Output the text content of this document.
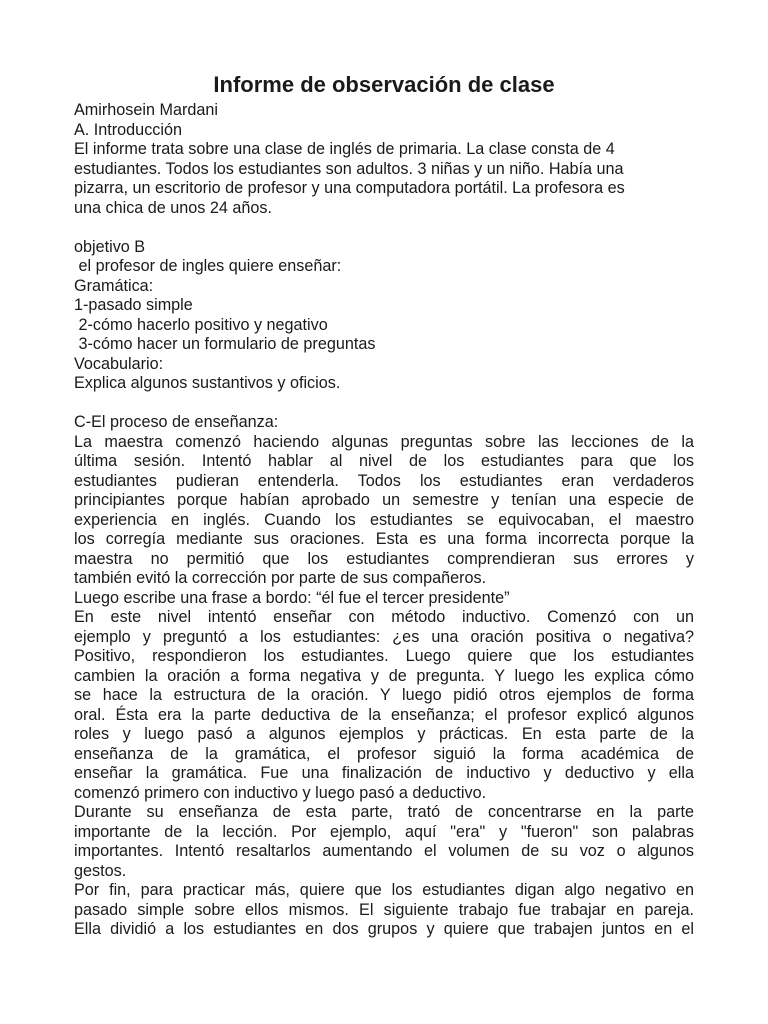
Informe de observación de clase
Amirhosein Mardani
A. Introducción
El informe trata sobre una clase de inglés de primaria. La clase consta de 4
estudiantes. Todos los estudiantes son adultos. 3 niñas y un niño. Había una
pizarra, un escritorio de profesor y una computadora portátil. La profesora es
una chica de unos 24 años.
objetivo B
el profesor de ingles quiere enseñar:
Gramática:
1-pasado simple
2-cómo hacerlo positivo y negativo
3-cómo hacer un formulario de preguntas
Vocabulario:
Explica algunos sustantivos y oficios.
C-El proceso de enseñanza:
La maestra comenzó haciendo algunas preguntas sobre las lecciones de la
última sesión. Intentó hablar al nivel de los estudiantes para que los
estudiantes pudieran entenderla. Todos los estudiantes eran verdaderos
principiantes porque habían aprobado un semestre y tenían una especie de
experiencia en inglés. Cuando los estudiantes se equivocaban, el maestro
los corregía mediante sus oraciones. Esta es una forma incorrecta porque la
maestra no permitió que los estudiantes comprendieran sus errores y
también evitó la corrección por parte de sus compañeros.
Luego escribe una frase a bordo: “él fue el tercer presidente”
En este nivel intentó enseñar con método inductivo. Comenzó con un
ejemplo y preguntó a los estudiantes: ¿es una oración positiva o negativa?
Positivo, respondieron los estudiantes. Luego quiere que los estudiantes
cambien la oración a forma negativa y de pregunta. Y luego les explica cómo
se hace la estructura de la oración. Y luego pidió otros ejemplos de forma
oral. Ésta era la parte deductiva de la enseñanza; el profesor explicó algunos
roles y luego pasó a algunos ejemplos y prácticas. En esta parte de la
enseñanza de la gramática, el profesor siguió la forma académica de
enseñar la gramática. Fue una finalización de inductivo y deductivo y ella
comenzó primero con inductivo y luego pasó a deductivo.
Durante su enseñanza de esta parte, trató de concentrarse en la parte
importante de la lección. Por ejemplo, aquí "era" y "fueron" son palabras
importantes. Intentó resaltarlos aumentando el volumen de su voz o algunos
gestos.
Por fin, para practicar más, quiere que los estudiantes digan algo negativo en
pasado simple sobre ellos mismos. El siguiente trabajo fue trabajar en pareja.
Ella dividió a los estudiantes en dos grupos y quiere que trabajen juntos en el
